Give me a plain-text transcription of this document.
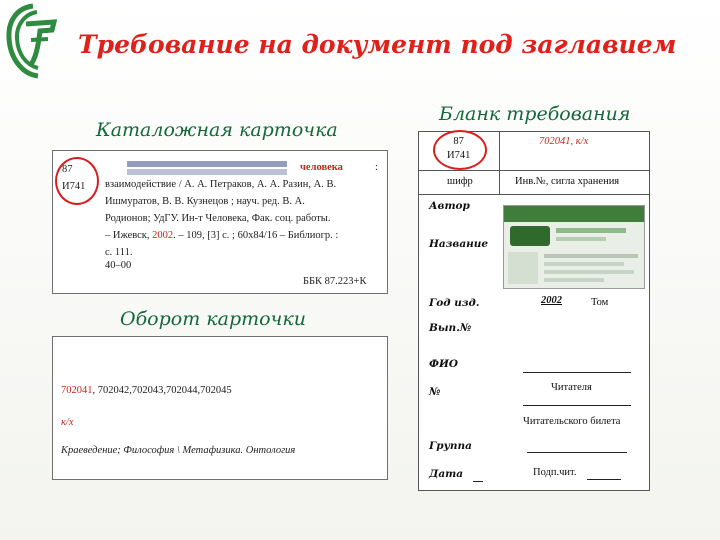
Требование на документ под заглавием
Каталожная карточка
Бланк требования
Оборот карточки
87
И741
человека	:
взаимодействие / А. А. Петраков, А. А. Разин, А. В.
Ишмуратов, В. В. Кузнецов ; науч. ред. В. А.
Родионов; УдГУ. Ин-т Человека, Фак. соц. работы.
– Ижевск, 2002. – 109, [3] с. ; 60х84/16 – Библиогр. :
с. 111.
40–00
ББК 87.223+К
702041, 702042,702043,702044,702045
к/х
Краеведение; Философия \ Метафизика. Онтология
87
И741
702041, к/х
шифр	Инв.№, сигла хранения
Автор
Название
Год изд.	2002	Том
Вып.№
ФИО
№	Читателя
Читательского билета
Группа
Дата	Подп.чит.
